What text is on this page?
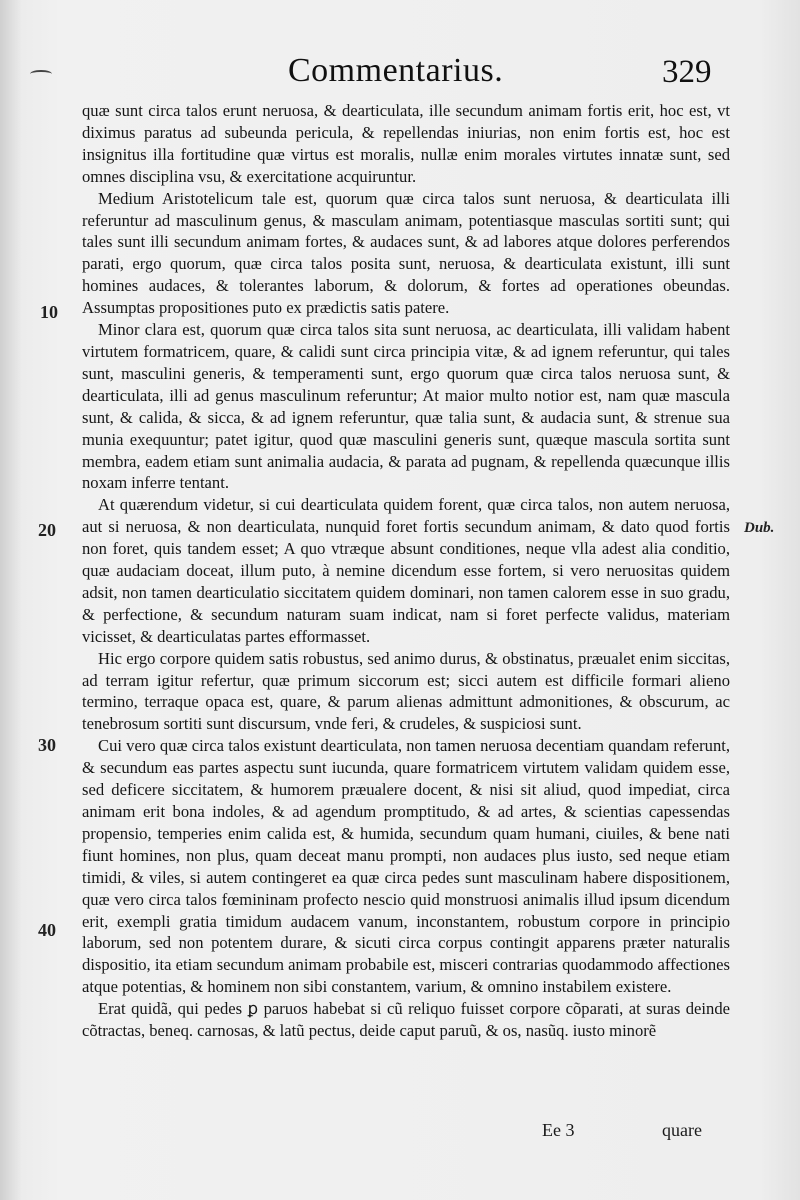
Commentarius.	329
10
20
30
40
Dub.

quæ sunt circa talos erunt neruosa, & dearticulata, ille secundum animam fortis erit, hoc est, vt diximus paratus ad subeunda pericula, & repellendas iniurias, non enim fortis est, hoc est insignitus illa fortitudine quæ virtus est moralis, nullæ enim morales virtutes innatæ sunt, sed omnes disciplina vsu, & exercitatione acquiruntur.

Medium Aristotelicum tale est, quorum quæ circa talos sunt neruosa, & dearticulata illi referuntur ad masculinum genus, & masculam animam, potentiasque masculas sortiti sunt; qui tales sunt illi secundum animam fortes, & audaces sunt, & ad labores atque dolores perferendos parati, ergo quorum, quæ circa talos posita sunt, neruosa, & dearticulata existunt, illi sunt homines audaces, & tolerantes laborum, & dolorum, & fortes ad operationes obeundas. Assumptas propositiones puto ex prædictis satis patere.

Minor clara est, quorum quæ circa talos sita sunt neruosa, ac dearticulata, illi validam habent virtutem formatricem, quare, & calidi sunt circa principia vitæ, & ad ignem referuntur, qui tales sunt, masculini generis, & temperamenti sunt, ergo quorum quæ circa talos neruosa sunt, & dearticulata, illi ad genus masculinum referuntur; At maior multo notior est, nam quæ mascula sunt, & calida, & sicca, & ad ignem referuntur, quæ talia sunt, & audacia sunt, & strenue sua munia exequuntur; patet igitur, quod quæ masculini generis sunt, quæque mascula sortita sunt membra, eadem etiam sunt animalia audacia, & parata ad pugnam, & repellenda quæcunque illis noxam inferre tentant.

At quærendum videtur, si cui dearticulata quidem forent, quæ circa talos, non autem neruosa, aut si neruosa, & non dearticulata, nunquid foret fortis secundum animam, & dato quod fortis non foret, quis tandem esset; A quo vtræque absunt conditiones, neque vlla adest alia conditio, quæ audaciam doceat, illum puto, à nemine dicendum esse fortem, si vero neruositas quidem adsit, non tamen dearticulatio siccitatem quidem dominari, non tamen calorem esse in suo gradu, & perfectione, & secundum naturam suam indicat, nam si foret perfecte validus, materiam vicisset, & dearticulatas partes efformasset.

Hic ergo corpore quidem satis robustus, sed animo durus, & obstinatus, præualet enim siccitas, ad terram igitur refertur, quæ primum siccorum est; sicci autem est difficile formari alieno termino, terraque opaca est, quare, & parum alienas admittunt admonitiones, & obscurum, ac tenebrosum sortiti sunt discursum, vnde feri, & crudeles, & suspiciosi sunt.

Cui vero quæ circa talos existunt dearticulata, non tamen neruosa decentiam quandam referunt, & secundum eas partes aspectu sunt iucunda, quare formatricem virtutem validam quidem esse, sed deficere siccitatem, & humorem præualere docent, & nisi sit aliud, quod impediat, circa animam erit bona indoles, & ad agendum promptitudo, & ad artes, & scientias capessendas propensio, temperies enim calida est, & humida, secundum quam humani, ciuiles, & bene nati fiunt homines, non plus, quam deceat manu prompti, non audaces plus iusto, sed neque etiam timidi, & viles, si autem contingeret ea quæ circa pedes sunt masculinam habere dispositionem, quæ vero circa talos fœmininam profecto nescio quid monstruosi animalis illud ipsum dicendum erit, exempli gratia timidum audacem vanum, inconstantem, robustum corpore in principio laborum, sed non potentem durare, & sicuti circa corpus contingit apparens præter naturalis dispositio, ita etiam secundum animam probabile est, misceri contrarias quodammodo affectiones atque potentias, & hominem non sibi constantem, varium, & omnino instabilem existere.

Erat quidã, qui pedes ꝑ paruos habebat si cũ reliquo fuisset corpore cõparati, at suras deinde cõtractas, beneq. carnosas, & latũ pectus, deide caput paruũ, & os, nasũq. iusto minorẽ

Ee 3	quare
